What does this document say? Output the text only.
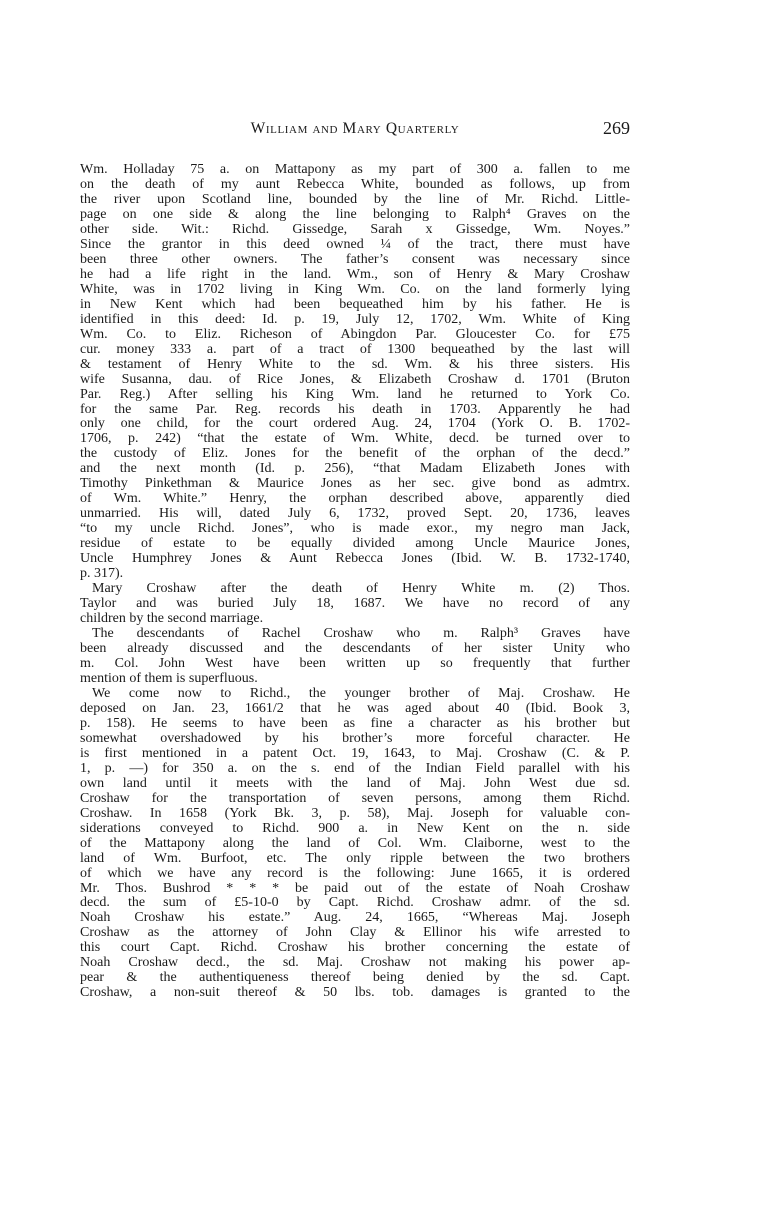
William and Mary Quarterly	269
Wm. Holladay 75 a. on Mattapony as my part of 300 a. fallen to me
on the death of my aunt Rebecca White, bounded as follows, up from
the river upon Scotland line, bounded by the line of Mr. Richd. Little-
page on one side & along the line belonging to Ralph⁴ Graves on the
other side. Wit.: Richd. Gissedge, Sarah x Gissedge, Wm. Noyes.”
Since the grantor in this deed owned ¼ of the tract, there must have
been three other owners. The father’s consent was necessary since
he had a life right in the land. Wm., son of Henry & Mary Croshaw
White, was in 1702 living in King Wm. Co. on the land formerly lying
in New Kent which had been bequeathed him by his father. He is
identified in this deed: Id. p. 19, July 12, 1702, Wm. White of King
Wm. Co. to Eliz. Richeson of Abingdon Par. Gloucester Co. for £75
cur. money 333 a. part of a tract of 1300 bequeathed by the last will
& testament of Henry White to the sd. Wm. & his three sisters. His
wife Susanna, dau. of Rice Jones, & Elizabeth Croshaw d. 1701 (Bruton
Par. Reg.) After selling his King Wm. land he returned to York Co.
for the same Par. Reg. records his death in 1703. Apparently he had
only one child, for the court ordered Aug. 24, 1704 (York O. B. 1702-
1706, p. 242) “that the estate of Wm. White, decd. be turned over to
the custody of Eliz. Jones for the benefit of the orphan of the decd.”
and the next month (Id. p. 256), “that Madam Elizabeth Jones with
Timothy Pinkethman & Maurice Jones as her sec. give bond as admtrx.
of Wm. White.” Henry, the orphan described above, apparently died
unmarried. His will, dated July 6, 1732, proved Sept. 20, 1736, leaves
“to my uncle Richd. Jones”, who is made exor., my negro man Jack,
residue of estate to be equally divided among Uncle Maurice Jones,
Uncle Humphrey Jones & Aunt Rebecca Jones (Ibid. W. B. 1732-1740,
p. 317).
Mary Croshaw after the death of Henry White m. (2) Thos.
Taylor and was buried July 18, 1687. We have no record of any
children by the second marriage.
The descendants of Rachel Croshaw who m. Ralph³ Graves have
been already discussed and the descendants of her sister Unity who
m. Col. John West have been written up so frequently that further
mention of them is superfluous.
We come now to Richd., the younger brother of Maj. Croshaw. He
deposed on Jan. 23, 1661/2 that he was aged about 40 (Ibid. Book 3,
p. 158). He seems to have been as fine a character as his brother but
somewhat overshadowed by his brother’s more forceful character. He
is first mentioned in a patent Oct. 19, 1643, to Maj. Croshaw (C. & P.
1, p. —) for 350 a. on the s. end of the Indian Field parallel with his
own land until it meets with the land of Maj. John West due sd.
Croshaw for the transportation of seven persons, among them Richd.
Croshaw. In 1658 (York Bk. 3, p. 58), Maj. Joseph for valuable con-
siderations conveyed to Richd. 900 a. in New Kent on the n. side
of the Mattapony along the land of Col. Wm. Claiborne, west to the
land of Wm. Burfoot, etc. The only ripple between the two brothers
of which we have any record is the following: June 1665, it is ordered
Mr. Thos. Bushrod * * * be paid out of the estate of Noah Croshaw
decd. the sum of £5-10-0 by Capt. Richd. Croshaw admr. of the sd.
Noah Croshaw his estate.” Aug. 24, 1665, “Whereas Maj. Joseph
Croshaw as the attorney of John Clay & Ellinor his wife arrested to
this court Capt. Richd. Croshaw his brother concerning the estate of
Noah Croshaw decd., the sd. Maj. Croshaw not making his power ap-
pear & the authentiqueness thereof being denied by the sd. Capt.
Croshaw, a non-suit thereof & 50 lbs. tob. damages is granted to the
